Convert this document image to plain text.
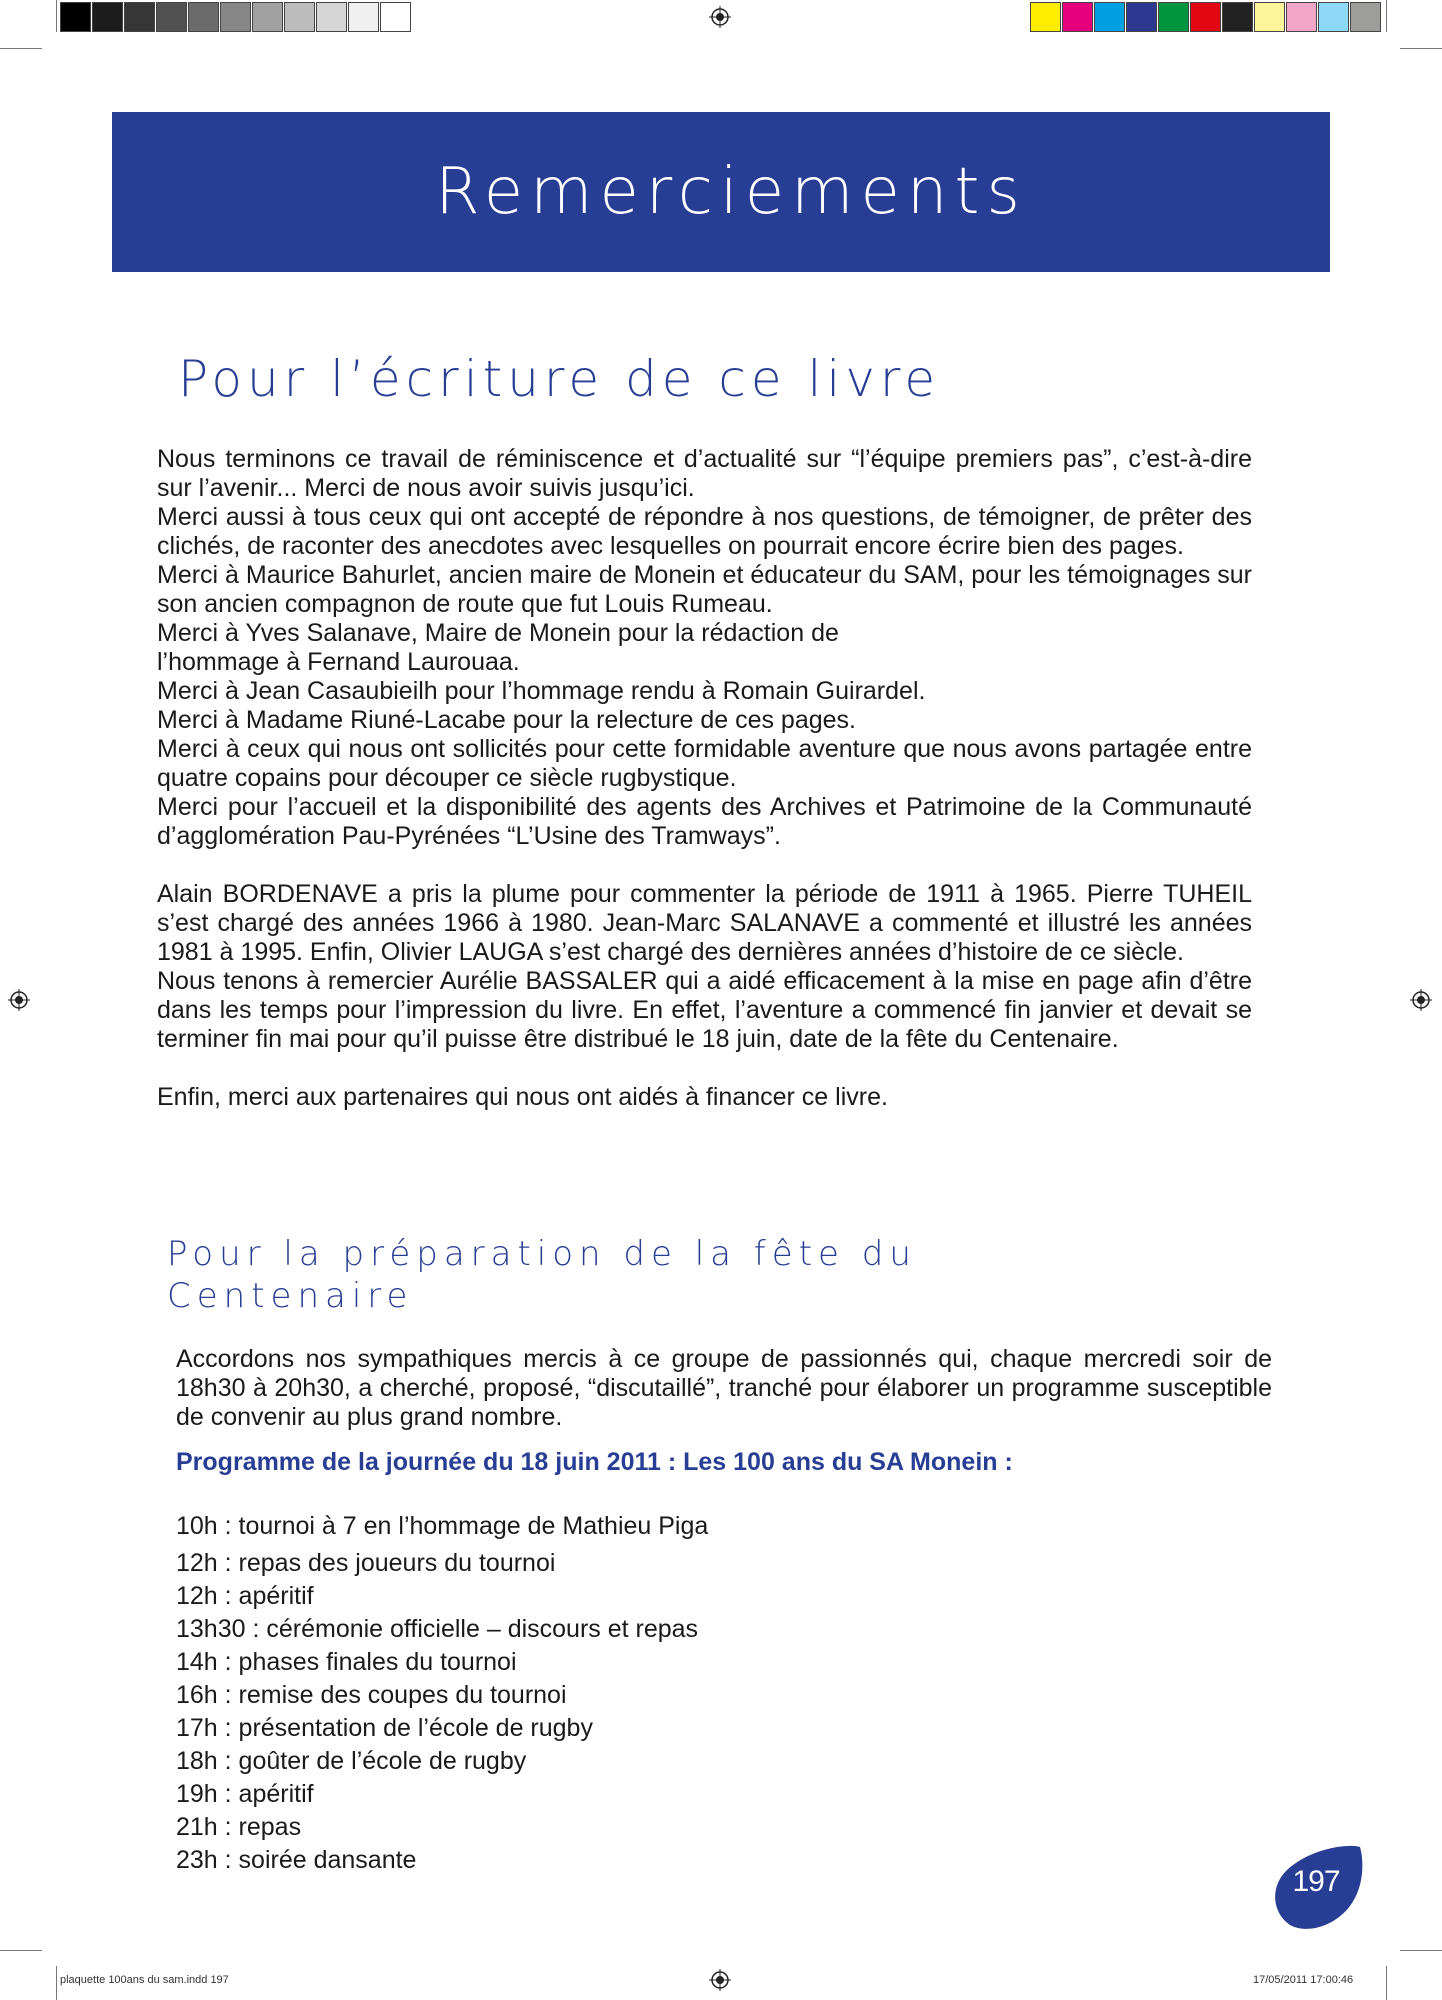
Remerciements
Pour l’écriture de ce livre

Nous terminons ce travail de réminiscence et d’actualité sur “l’équipe premiers pas”, c’est-à-dire sur l’avenir... Merci de nous avoir suivis jusqu’ici.

Merci aussi à tous ceux qui ont accepté de répondre à nos questions, de témoigner, de prêter des clichés, de raconter des anecdotes avec lesquelles on pourrait encore écrire bien des pages.

Merci à Maurice Bahurlet, ancien maire de Monein et éducateur du SAM, pour les témoignages sur son ancien compagnon de route que fut Louis Rumeau.

Merci à Yves Salanave, Maire de Monein pour la rédaction de l’hommage à Fernand Laurouaa.

Merci à Jean Casaubieilh pour l’hommage rendu à Romain Guirardel.

Merci à Madame Riuné-Lacabe pour la relecture de ces pages.

Merci à ceux qui nous ont sollicités pour cette formidable aventure que nous avons partagée entre quatre copains pour découper ce siècle rugbystique.

Merci pour l’accueil et la disponibilité des agents des Archives et Patrimoine de la Communauté d’agglomération Pau-Pyrénées “L’Usine des Tramways”.

Alain BORDENAVE a pris la plume pour commenter la période de 1911 à 1965. Pierre TUHEIL s’est chargé des années 1966 à 1980. Jean-Marc SALANAVE a commenté et illustré les années 1981 à 1995. Enfin, Olivier LAUGA s’est chargé des dernières années d’histoire de ce siècle.

Nous tenons à remercier Aurélie BASSALER qui a aidé efficacement à la mise en page afin d’être dans les temps pour l’impression du livre. En effet, l’aventure a commencé fin janvier et devait se terminer fin mai pour qu’il puisse être distribué le 18 juin, date de la fête du Centenaire.

Enfin, merci aux partenaires qui nous ont aidés à financer ce livre.

Pour la préparation de la fête du
Centenaire

Accordons nos sympathiques mercis à ce groupe de passionnés qui, chaque mercredi soir de 18h30 à 20h30, a cherché, proposé, “discutaillé”, tranché pour élaborer un programme susceptible de convenir au plus grand nombre.

Programme de la journée du 18 juin 2011 : Les 100 ans du SA Monein :

10h : tournoi à 7 en l’hommage de Mathieu Piga
12h : repas des joueurs du tournoi
12h : apéritif
13h30 : cérémonie officielle – discours et repas
14h : phases finales du tournoi
16h : remise des coupes du tournoi
17h : présentation de l’école de rugby
18h : goûter de l’école de rugby
19h : apéritif
21h : repas
23h : soirée dansante
197
plaquette 100ans du sam.indd 197	17/05/2011 17:00:46
